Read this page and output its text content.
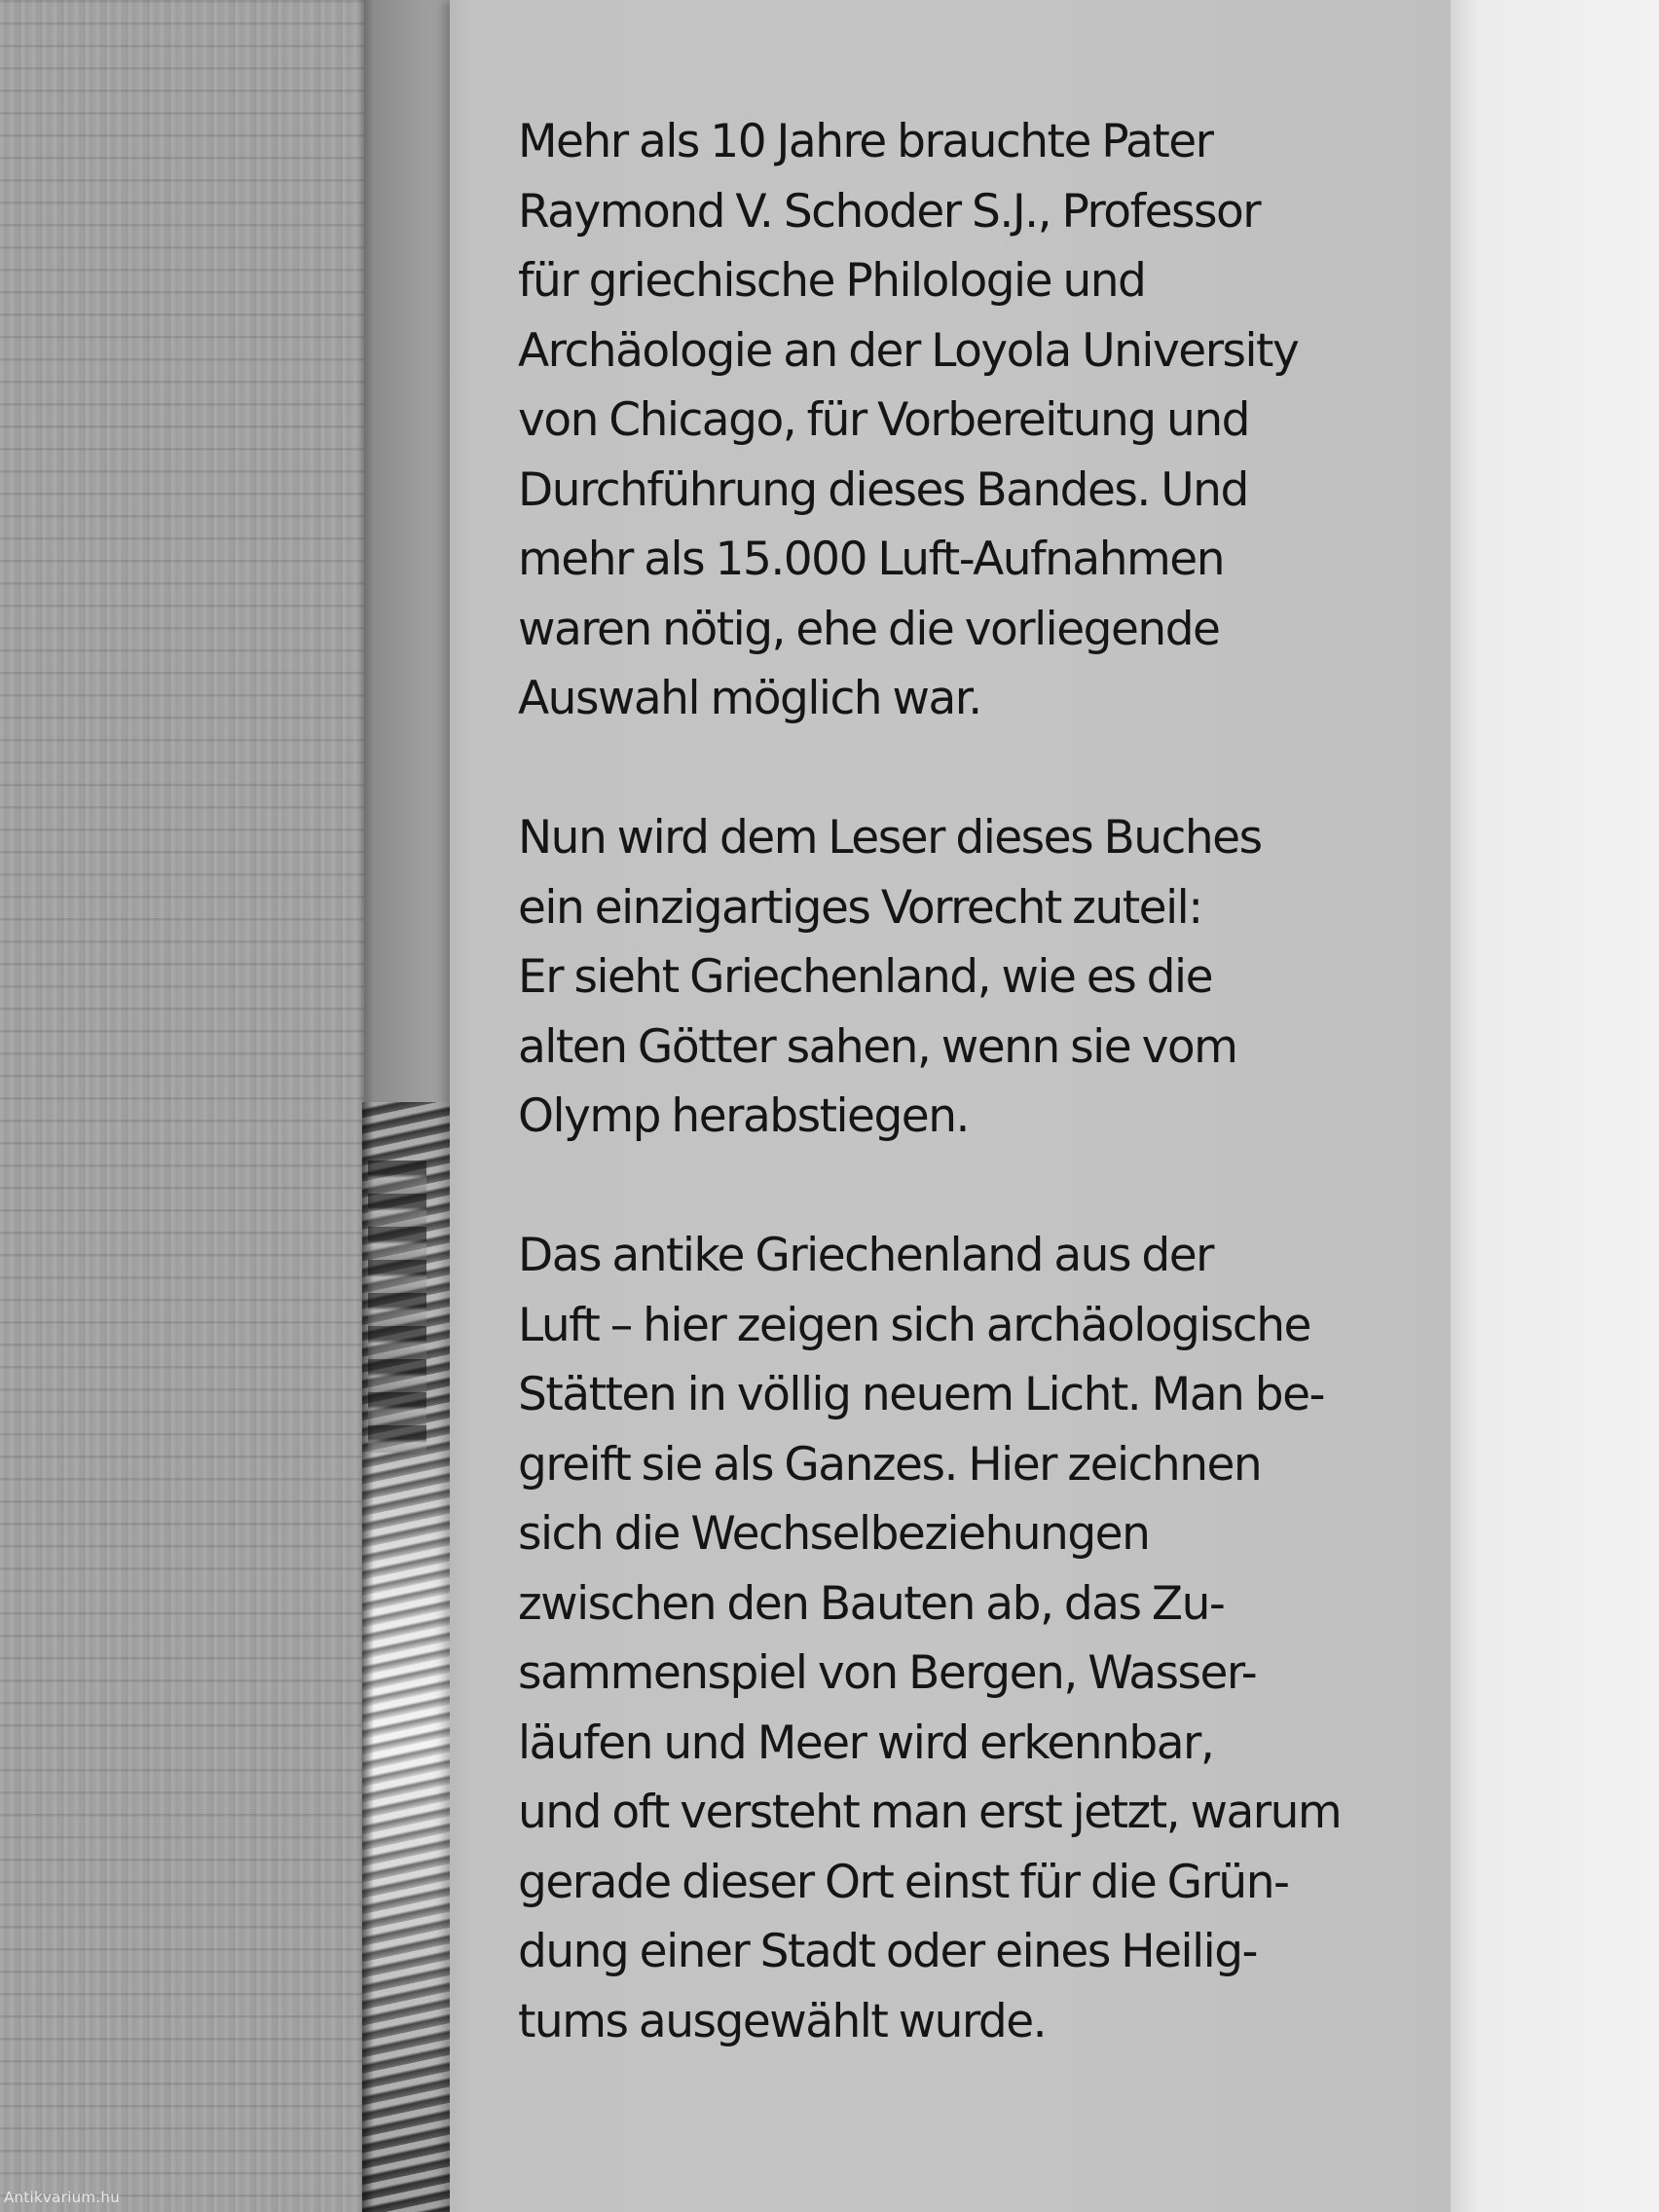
Mehr als 10 Jahre brauchte Pater
Raymond V. Schoder S.J., Professor
für griechische Philologie und
Archäologie an der Loyola University
von Chicago, für Vorbereitung und
Durchführung dieses Bandes. Und
mehr als 15.000 Luft-Aufnahmen
waren nötig, ehe die vorliegende
Auswahl möglich war.

Nun wird dem Leser dieses Buches
ein einzigartiges Vorrecht zuteil:
Er sieht Griechenland, wie es die
alten Götter sahen, wenn sie vom
Olymp herabstiegen.

Das antike Griechenland aus der
Luft – hier zeigen sich archäologische
Stätten in völlig neuem Licht. Man be-
greift sie als Ganzes. Hier zeichnen
sich die Wechselbeziehungen
zwischen den Bauten ab, das Zu-
sammenspiel von Bergen, Wasser-
läufen und Meer wird erkennbar,
und oft versteht man erst jetzt, warum
gerade dieser Ort einst für die Grün-
dung einer Stadt oder eines Heilig-
tums ausgewählt wurde.

Antikvarium.hu
